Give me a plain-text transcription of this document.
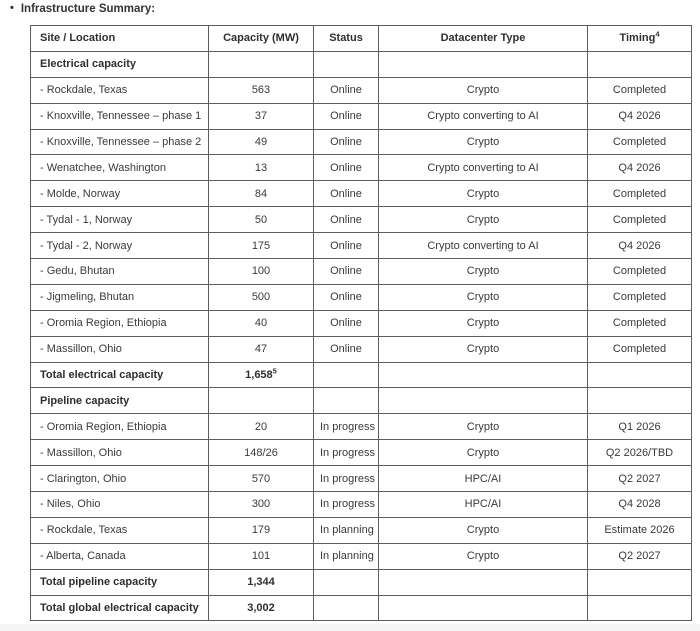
• Infrastructure Summary:
Site / Location	Capacity (MW)	Status	Datacenter Type	Timing$^4$
Electrical capacity				
- Rockdale, Texas	563	Online	Crypto	Completed
- Knoxville, Tennessee – phase 1	37	Online	Crypto converting to AI	Q4 2026
- Knoxville, Tennessee – phase 2	49	Online	Crypto	Completed
- Wenatchee, Washington	13	Online	Crypto converting to AI	Q4 2026
- Molde, Norway	84	Online	Crypto	Completed
- Tydal - 1, Norway	50	Online	Crypto	Completed
- Tydal - 2, Norway	175	Online	Crypto converting to AI	Q4 2026
- Gedu, Bhutan	100	Online	Crypto	Completed
- Jigmeling, Bhutan	500	Online	Crypto	Completed
- Oromia Region, Ethiopia	40	Online	Crypto	Completed
- Massillon, Ohio	47	Online	Crypto	Completed
Total electrical capacity	1,658$^5$			
Pipeline capacity				
- Oromia Region, Ethiopia	20	In progress	Crypto	Q1 2026
- Massillon, Ohio	148/26	In progress	Crypto	Q2 2026/TBD
- Clarington, Ohio	570	In progress	HPC/AI	Q2 2027
- Niles, Ohio	300	In progress	HPC/AI	Q4 2028
- Rockdale, Texas	179	In planning	Crypto	Estimate 2026
- Alberta, Canada	101	In planning	Crypto	Q2 2027
Total pipeline capacity	1,344			
Total global electrical capacity	3,002			
